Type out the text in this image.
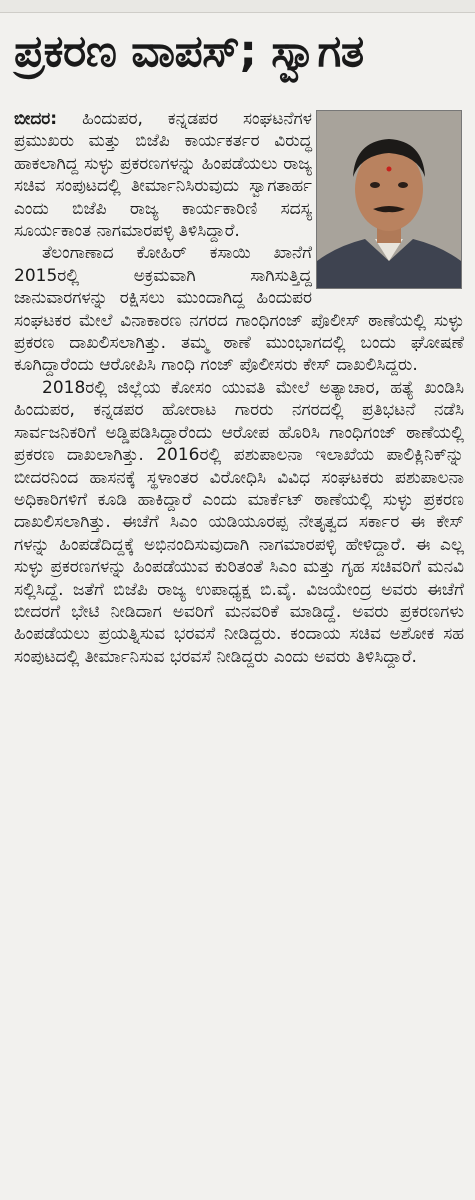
ಪ್ರಕರಣ ವಾಪಸ್; ಸ್ವಾಗತ

ಬೀದರ: ಹಿಂದುಪರ, ಕನ್ನಡಪರ ಸಂಘಟನೆಗಳ ಪ್ರಮುಖರು ಮತ್ತು ಬಿಜೆಪಿ ಕಾರ್ಯಕರ್ತರ ವಿರುದ್ಧ ಹಾಕಲಾಗಿದ್ದ ಸುಳ್ಳು ಪ್ರಕರಣಗಳನ್ನು ಹಿಂಪಡೆಯಲು ರಾಜ್ಯ ಸಚಿವ ಸಂಪುಟದಲ್ಲಿ ತೀರ್ಮಾನಿಸಿರುವುದು ಸ್ವಾಗತಾರ್ಹ ಎಂದು ಬಿಜೆಪಿ ರಾಜ್ಯ ಕಾರ್ಯಕಾರಿಣಿ ಸದಸ್ಯ ಸೂರ್ಯಕಾಂತ ನಾಗಮಾರಪಳ್ಳಿ ತಿಳಿಸಿದ್ದಾರೆ.

ತೆಲಂಗಾಣಾದ ಕೋಹಿರ್ ಕಸಾಯಿ ಖಾನೆಗೆ 2015ರಲ್ಲಿ ಅಕ್ರಮವಾಗಿ ಸಾಗಿಸುತ್ತಿದ್ದ ಜಾನುವಾರಗಳನ್ನು ರಕ್ಷಿಸಲು ಮುಂದಾಗಿದ್ದ ಹಿಂದುಪರ ಸಂಘಟಕರ ಮೇಲೆ ವಿನಾಕಾರಣ ನಗರದ ಗಾಂಧಿಗಂಜ್ ಪೊಲೀಸ್ ಠಾಣೆಯಲ್ಲಿ ಸುಳ್ಳು ಪ್ರಕರಣ ದಾಖಲಿಸಲಾಗಿತ್ತು. ತಮ್ಮ ಠಾಣೆ ಮುಂಭಾಗದಲ್ಲಿ ಬಂದು ಘೋಷಣೆ ಕೂಗಿದ್ದಾರೆಂದು ಆರೋಪಿಸಿ ಗಾಂಧಿ ಗಂಜ್ ಪೊಲೀಸರು ಕೇಸ್ ದಾಖಲಿಸಿದ್ದರು.

2018ರಲ್ಲಿ ಜಿಲ್ಲೆಯ ಕೋಸಂ ಯುವತಿ ಮೇಲೆ ಅತ್ಯಾಚಾರ, ಹತ್ಯೆ ಖಂಡಿಸಿ ಹಿಂದುಪರ, ಕನ್ನಡಪರ ಹೋರಾಟ ಗಾರರು ನಗರದಲ್ಲಿ ಪ್ರತಿಭಟನೆ ನಡೆಸಿ ಸಾರ್ವಜನಿಕರಿಗೆ ಅಡ್ಡಿಪಡಿಸಿದ್ದಾರೆಂದು ಆರೋಪ ಹೊರಿಸಿ ಗಾಂಧಿಗಂಜ್ ಠಾಣೆಯಲ್ಲಿ ಪ್ರಕರಣ ದಾಖಲಾಗಿತ್ತು. 2016ರಲ್ಲಿ ಪಶುಪಾಲನಾ ಇಲಾಖೆಯ ಪಾಲಿಕ್ಲಿನಿಕ್‌ನ್ನು ಬೀದರನಿಂದ ಹಾಸನಕ್ಕೆ ಸ್ಥಳಾಂತರ ವಿರೋಧಿಸಿ ವಿವಿಧ ಸಂಘಟಕರು ಪಶುಪಾಲನಾ ಅಧಿಕಾರಿಗಳಿಗೆ ಕೂಡಿ ಹಾಕಿದ್ದಾರೆ ಎಂದು ಮಾರ್ಕೆಟ್ ಠಾಣೆಯಲ್ಲಿ ಸುಳ್ಳು ಪ್ರಕರಣ ದಾಖಲಿಸಲಾಗಿತ್ತು. ಈಚೆಗೆ ಸಿಎಂ ಯಡಿಯೂರಪ್ಪ ನೇತೃತ್ವದ ಸರ್ಕಾರ ಈ ಕೇಸ್ ಗಳನ್ನು ಹಿಂಪಡೆದಿದ್ದಕ್ಕೆ ಅಭಿನಂದಿಸುವುದಾಗಿ ನಾಗಮಾರಪಳ್ಳಿ ಹೇಳಿದ್ದಾರೆ. ಈ ಎಲ್ಲ ಸುಳ್ಳು ಪ್ರಕರಣಗಳನ್ನು ಹಿಂಪಡೆಯುವ ಕುರಿತಂತೆ ಸಿಎಂ ಮತ್ತು ಗೃಹ ಸಚಿವರಿಗೆ ಮನವಿ ಸಲ್ಲಿಸಿದ್ದೆ. ಜತೆಗೆ ಬಿಜೆಪಿ ರಾಜ್ಯ ಉಪಾಧ್ಯಕ್ಷ ಬಿ.ವೈ. ವಿಜಯೇಂದ್ರ ಅವರು ಈಚೆಗೆ ಬೀದರಗೆ ಭೇಟಿ ನೀಡಿದಾಗ ಅವರಿಗೆ ಮನವರಿಕೆ ಮಾಡಿದ್ದೆ. ಅವರು ಪ್ರಕರಣಗಳು ಹಿಂಪಡೆಯಲು ಪ್ರಯತ್ನಿಸುವ ಭರವಸೆ ನೀಡಿದ್ದರು. ಕಂದಾಯ ಸಚಿವ ಅಶೋಕ ಸಹ ಸಂಪುಟದಲ್ಲಿ ತೀರ್ಮಾನಿಸುವ ಭರವಸೆ ನೀಡಿದ್ದರು ಎಂದು ಅವರು ತಿಳಿಸಿದ್ದಾರೆ.
